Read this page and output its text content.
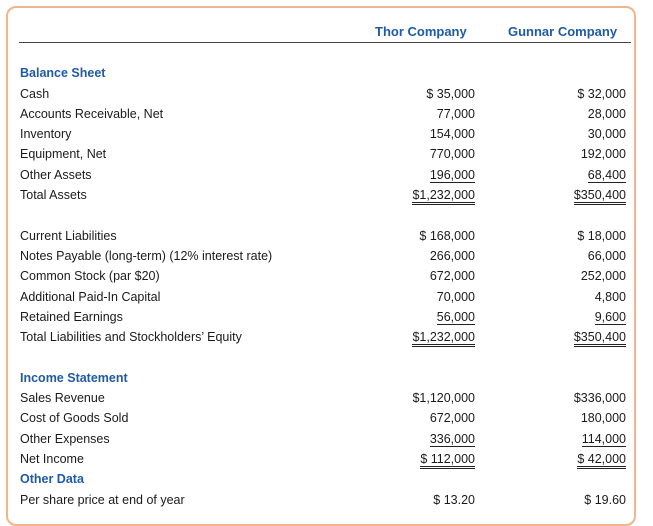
Thor Company	Gunnar Company
Balance Sheet
Cash	$ 35,000	$ 32,000
Accounts Receivable, Net	77,000	28,000
Inventory	154,000	30,000
Equipment, Net	770,000	192,000
Other Assets	196,000	68,400
Total Assets	$1,232,000	$350,400
Current Liabilities	$ 168,000	$ 18,000
Notes Payable (long-term) (12% interest rate)	266,000	66,000
Common Stock (par $20)	672,000	252,000
Additional Paid-In Capital	70,000	4,800
Retained Earnings	56,000	9,600
Total Liabilities and Stockholders’ Equity	$1,232,000	$350,400
Income Statement
Sales Revenue	$1,120,000	$336,000
Cost of Goods Sold	672,000	180,000
Other Expenses	336,000	114,000
Net Income	$ 112,000	$ 42,000
Other Data
Per share price at end of year	$ 13.20	$ 19.60
